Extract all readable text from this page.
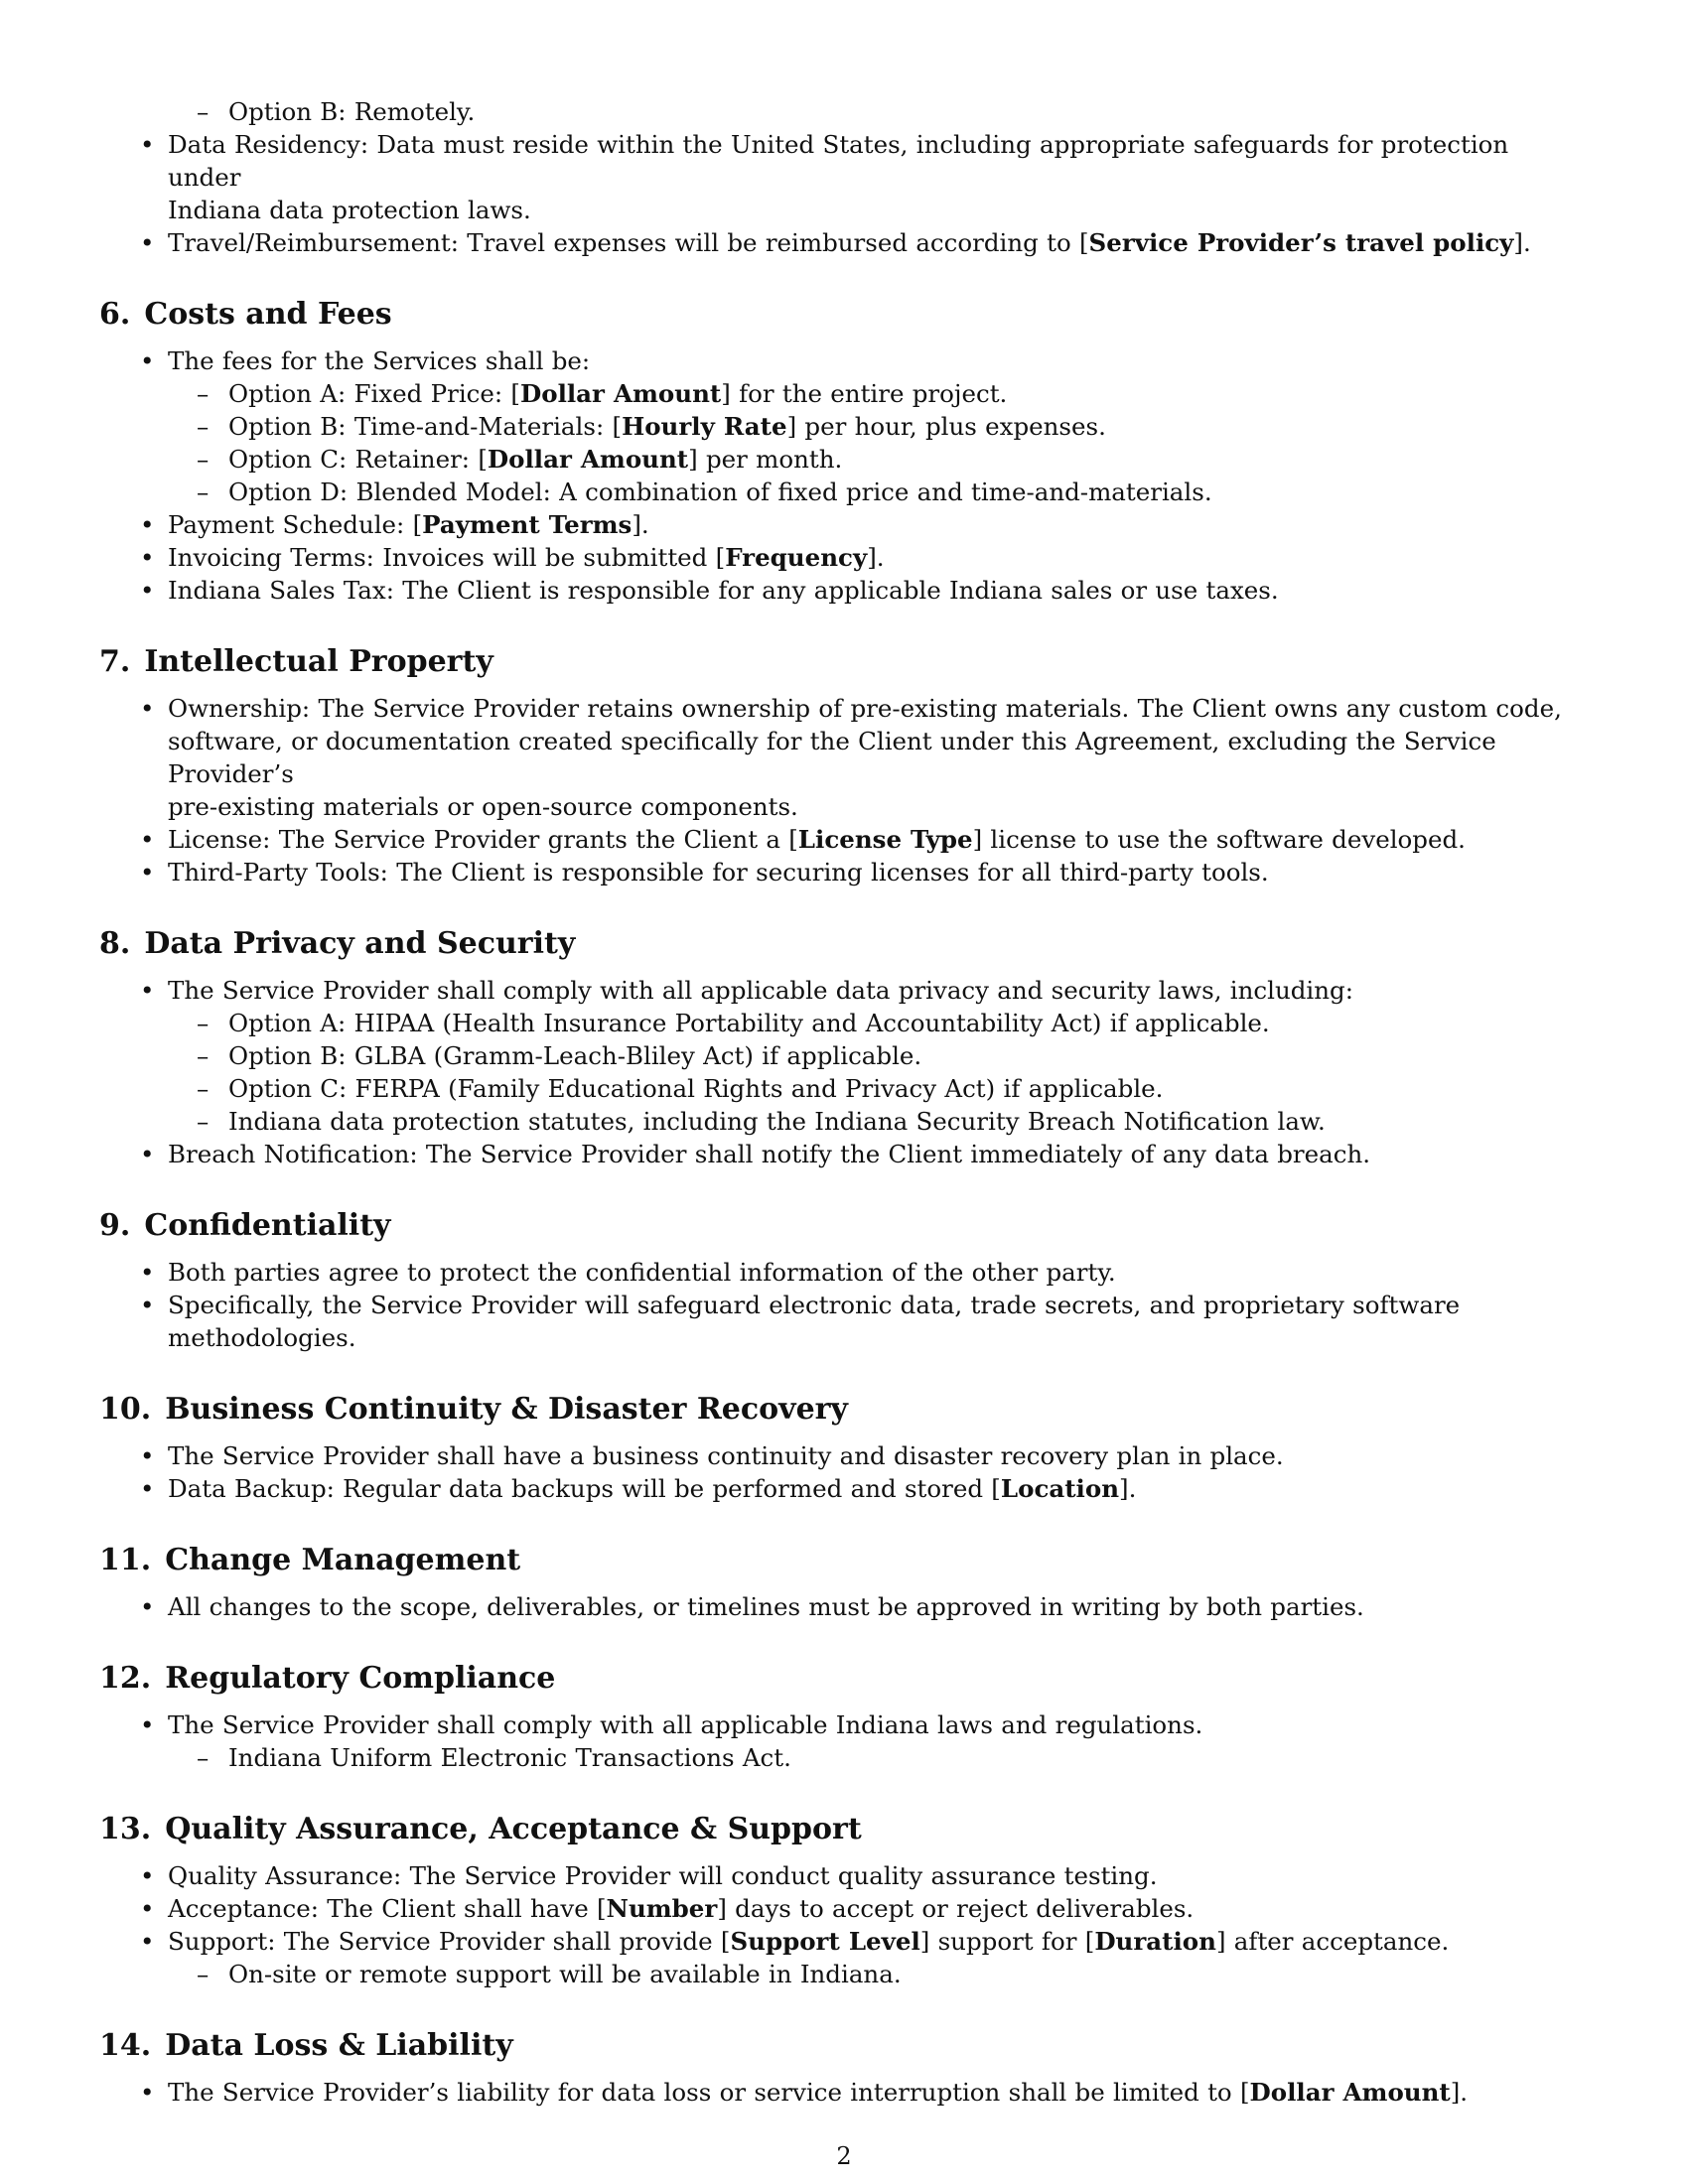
– Option B: Remotely.
• Data Residency: Data must reside within the United States, including appropriate safeguards for protection under
Indiana data protection laws.
• Travel/Reimbursement: Travel expenses will be reimbursed according to [Service Provider’s travel policy].
6. Costs and Fees
• The fees for the Services shall be:
– Option A: Fixed Price: [Dollar Amount] for the entire project.
– Option B: Time-and-Materials: [Hourly Rate] per hour, plus expenses.
– Option C: Retainer: [Dollar Amount] per month.
– Option D: Blended Model: A combination of fixed price and time-and-materials.
• Payment Schedule: [Payment Terms].
• Invoicing Terms: Invoices will be submitted [Frequency].
• Indiana Sales Tax: The Client is responsible for any applicable Indiana sales or use taxes.
7. Intellectual Property
• Ownership: The Service Provider retains ownership of pre-existing materials. The Client owns any custom code,
software, or documentation created specifically for the Client under this Agreement, excluding the Service Provider’s
pre-existing materials or open-source components.
• License: The Service Provider grants the Client a [License Type] license to use the software developed.
• Third-Party Tools: The Client is responsible for securing licenses for all third-party tools.
8. Data Privacy and Security
• The Service Provider shall comply with all applicable data privacy and security laws, including:
– Option A: HIPAA (Health Insurance Portability and Accountability Act) if applicable.
– Option B: GLBA (Gramm-Leach-Bliley Act) if applicable.
– Option C: FERPA (Family Educational Rights and Privacy Act) if applicable.
– Indiana data protection statutes, including the Indiana Security Breach Notification law.
• Breach Notification: The Service Provider shall notify the Client immediately of any data breach.
9. Confidentiality
• Both parties agree to protect the confidential information of the other party.
• Specifically, the Service Provider will safeguard electronic data, trade secrets, and proprietary software methodologies.
10. Business Continuity & Disaster Recovery
• The Service Provider shall have a business continuity and disaster recovery plan in place.
• Data Backup: Regular data backups will be performed and stored [Location].
11. Change Management
• All changes to the scope, deliverables, or timelines must be approved in writing by both parties.
12. Regulatory Compliance
• The Service Provider shall comply with all applicable Indiana laws and regulations.
– Indiana Uniform Electronic Transactions Act.
13. Quality Assurance, Acceptance & Support
• Quality Assurance: The Service Provider will conduct quality assurance testing.
• Acceptance: The Client shall have [Number] days to accept or reject deliverables.
• Support: The Service Provider shall provide [Support Level] support for [Duration] after acceptance.
– On-site or remote support will be available in Indiana.
14. Data Loss & Liability
• The Service Provider’s liability for data loss or service interruption shall be limited to [Dollar Amount].
2
